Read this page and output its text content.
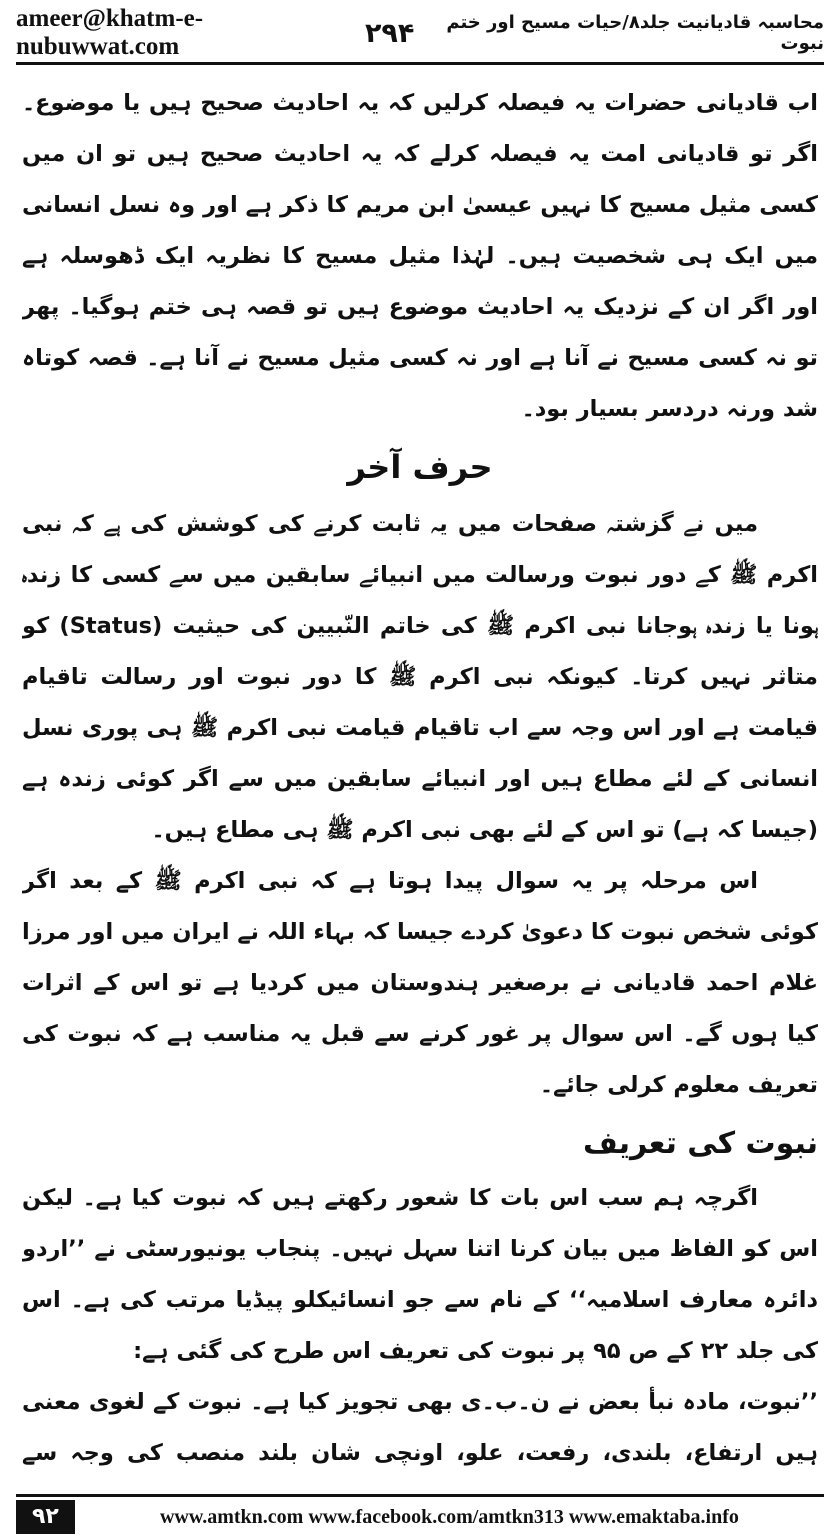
ameer@khatm-e-nubuwwat.com	۲۹۴	محاسبہ قادیانیت جلد۸/حیات مسیح اور ختم نبوت

اب قادیانی حضرات یہ فیصلہ کرلیں کہ یہ احادیث صحیح ہیں یا موضوع۔ اگر تو قادیانی امت یہ فیصلہ کرلے کہ یہ احادیث صحیح ہیں تو ان میں کسی مثیل مسیح کا نہیں عیسیٰ ابن مریم کا ذکر ہے اور وہ نسل انسانی میں ایک ہی شخصیت ہیں۔ لہٰذا مثیل مسیح کا نظریہ ایک ڈھوسلہ ہے اور اگر ان کے نزدیک یہ احادیث موضوع ہیں تو قصہ ہی ختم ہوگیا۔ پھر تو نہ کسی مسیح نے آنا ہے اور نہ کسی مثیل مسیح نے آنا ہے۔ قصہ کوتاہ شد ورنہ دردسر بسیار بود۔

حرف آخر

میں نے گزشتہ صفحات میں یہ ثابت کرنے کی کوشش کی ہے کہ نبی اکرم ﷺ کے دور نبوت ورسالت میں انبیائے سابقین میں سے کسی کا زندہ ہونا یا زندہ ہوجانا نبی اکرم ﷺ کی خاتم النّبیین کی حیثیت (Status) کو متاثر نہیں کرتا۔ کیونکہ نبی اکرم ﷺ کا دور نبوت اور رسالت تاقیام قیامت ہے اور اس وجہ سے اب تاقیام قیامت نبی اکرم ﷺ ہی پوری نسل انسانی کے لئے مطاع ہیں اور انبیائے سابقین میں سے اگر کوئی زندہ ہے (جیسا کہ ہے) تو اس کے لئے بھی نبی اکرم ﷺ ہی مطاع ہیں۔

اس مرحلہ پر یہ سوال پیدا ہوتا ہے کہ نبی اکرم ﷺ کے بعد اگر کوئی شخص نبوت کا دعویٰ کردے جیسا کہ بہاء اللہ نے ایران میں اور مرزا غلام احمد قادیانی نے برصغیر ہندوستان میں کردیا ہے تو اس کے اثرات کیا ہوں گے۔ اس سوال پر غور کرنے سے قبل یہ مناسب ہے کہ نبوت کی تعریف معلوم کرلی جائے۔

نبوت کی تعریف

اگرچہ ہم سب اس بات کا شعور رکھتے ہیں کہ نبوت کیا ہے۔ لیکن اس کو الفاظ میں بیان کرنا اتنا سہل نہیں۔ پنجاب یونیورسٹی نے ’’اردو دائرہ معارف اسلامیہ‘‘ کے نام سے جو انسائیکلو پیڈیا مرتب کی ہے۔ اس کی جلد ۲۲ کے ص ۹۵ پر نبوت کی تعریف اس طرح کی گئی ہے:

’’نبوت، مادہ نبأ بعض نے ن۔ب۔ی بھی تجویز کیا ہے۔ نبوت کے لغوی معنی ہیں ارتفاع، بلندی، رفعت، علو، اونچی شان بلند منصب کی وجہ سے

۹۲	www.amtkn.com www.facebook.com/amtkn313 www.emaktaba.info
